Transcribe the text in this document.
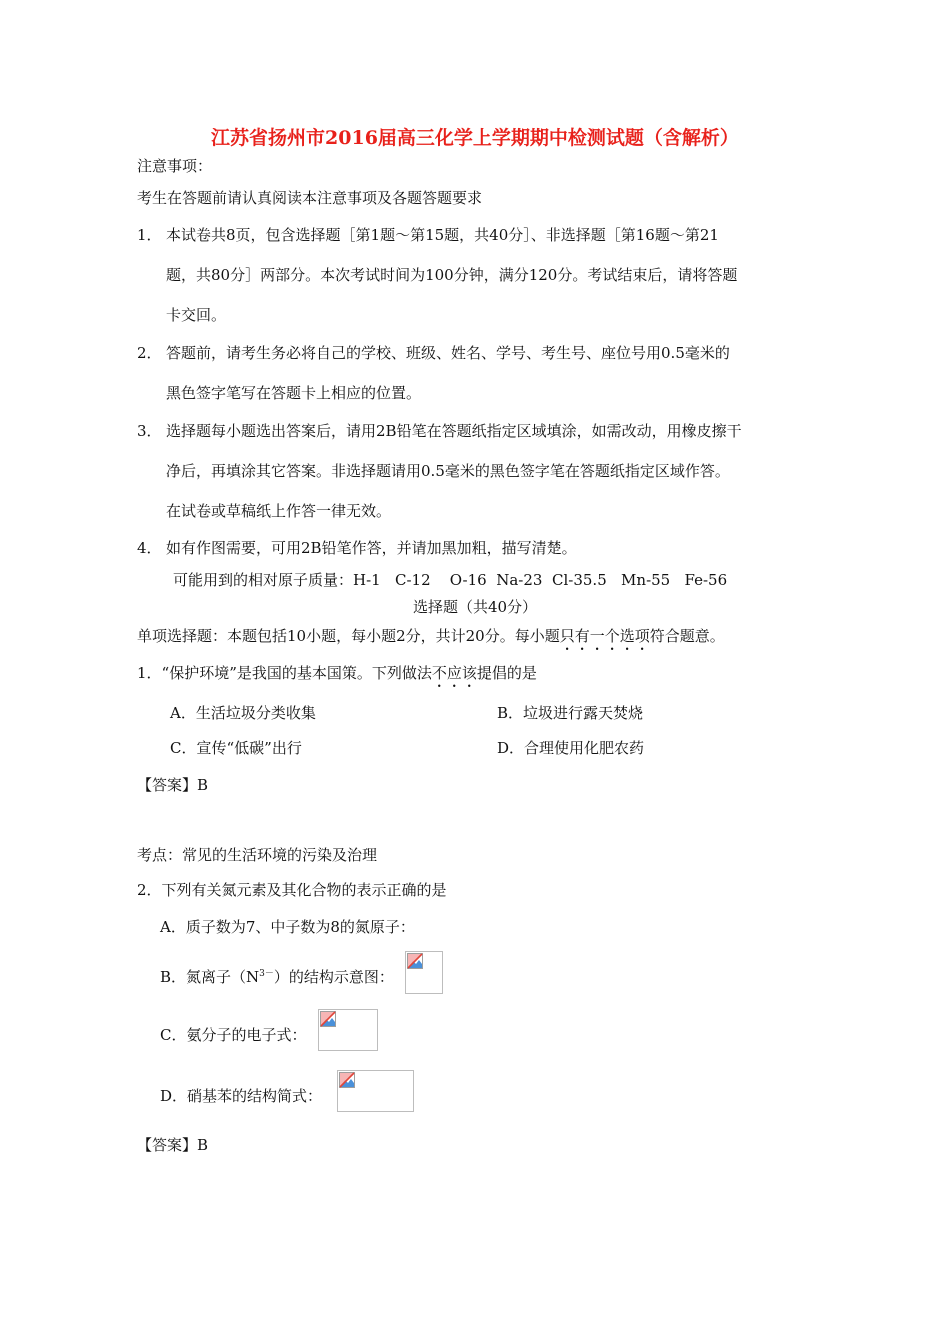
江苏省扬州市2016届高三化学上学期期中检测试题（含解析）
注意事项：
考生在答题前请认真阅读本注意事项及各题答题要求
1． 本试卷共8页，包含选择题［第1题～第15题，共40分］、非选择题［第16题～第21
题，共80分］两部分。本次考试时间为100分钟，满分120分。考试结束后，请将答题
卡交回。
2． 答题前，请考生务必将自己的学校、班级、姓名、学号、考生号、座位号用0.5毫米的
黑色签字笔写在答题卡上相应的位置。
3． 选择题每小题选出答案后，请用2B铅笔在答题纸指定区域填涂，如需改动，用橡皮擦干
净后，再填涂其它答案。非选择题请用0.5毫米的黑色签字笔在答题纸指定区域作答。
在试卷或草稿纸上作答一律无效。
4． 如有作图需要，可用2B铅笔作答，并请加黑加粗，描写清楚。
可能用到的相对原子质量：H-1   C-12    O-16  Na-23  Cl-35.5   Mn-55   Fe-56
选择题（共40分）
单项选择题：本题包括10小题，每小题2分，共计20分。每小题只有一个选项符合题意。
1．“保护环境”是我国的基本国策。下列做法不应该提倡的是
A．生活垃圾分类收集	B．垃圾进行露天焚烧
C．宣传“低碳”出行	D．合理使用化肥农药
【答案】B
考点：常见的生活环境的污染及治理
2．下列有关氮元素及其化合物的表示正确的是
A．质子数为7、中子数为8的氮原子：
B．氮离子$(N^{3-})$的结构示意图：
C．氨分子的电子式：
D．硝基苯的结构简式：
【答案】B
